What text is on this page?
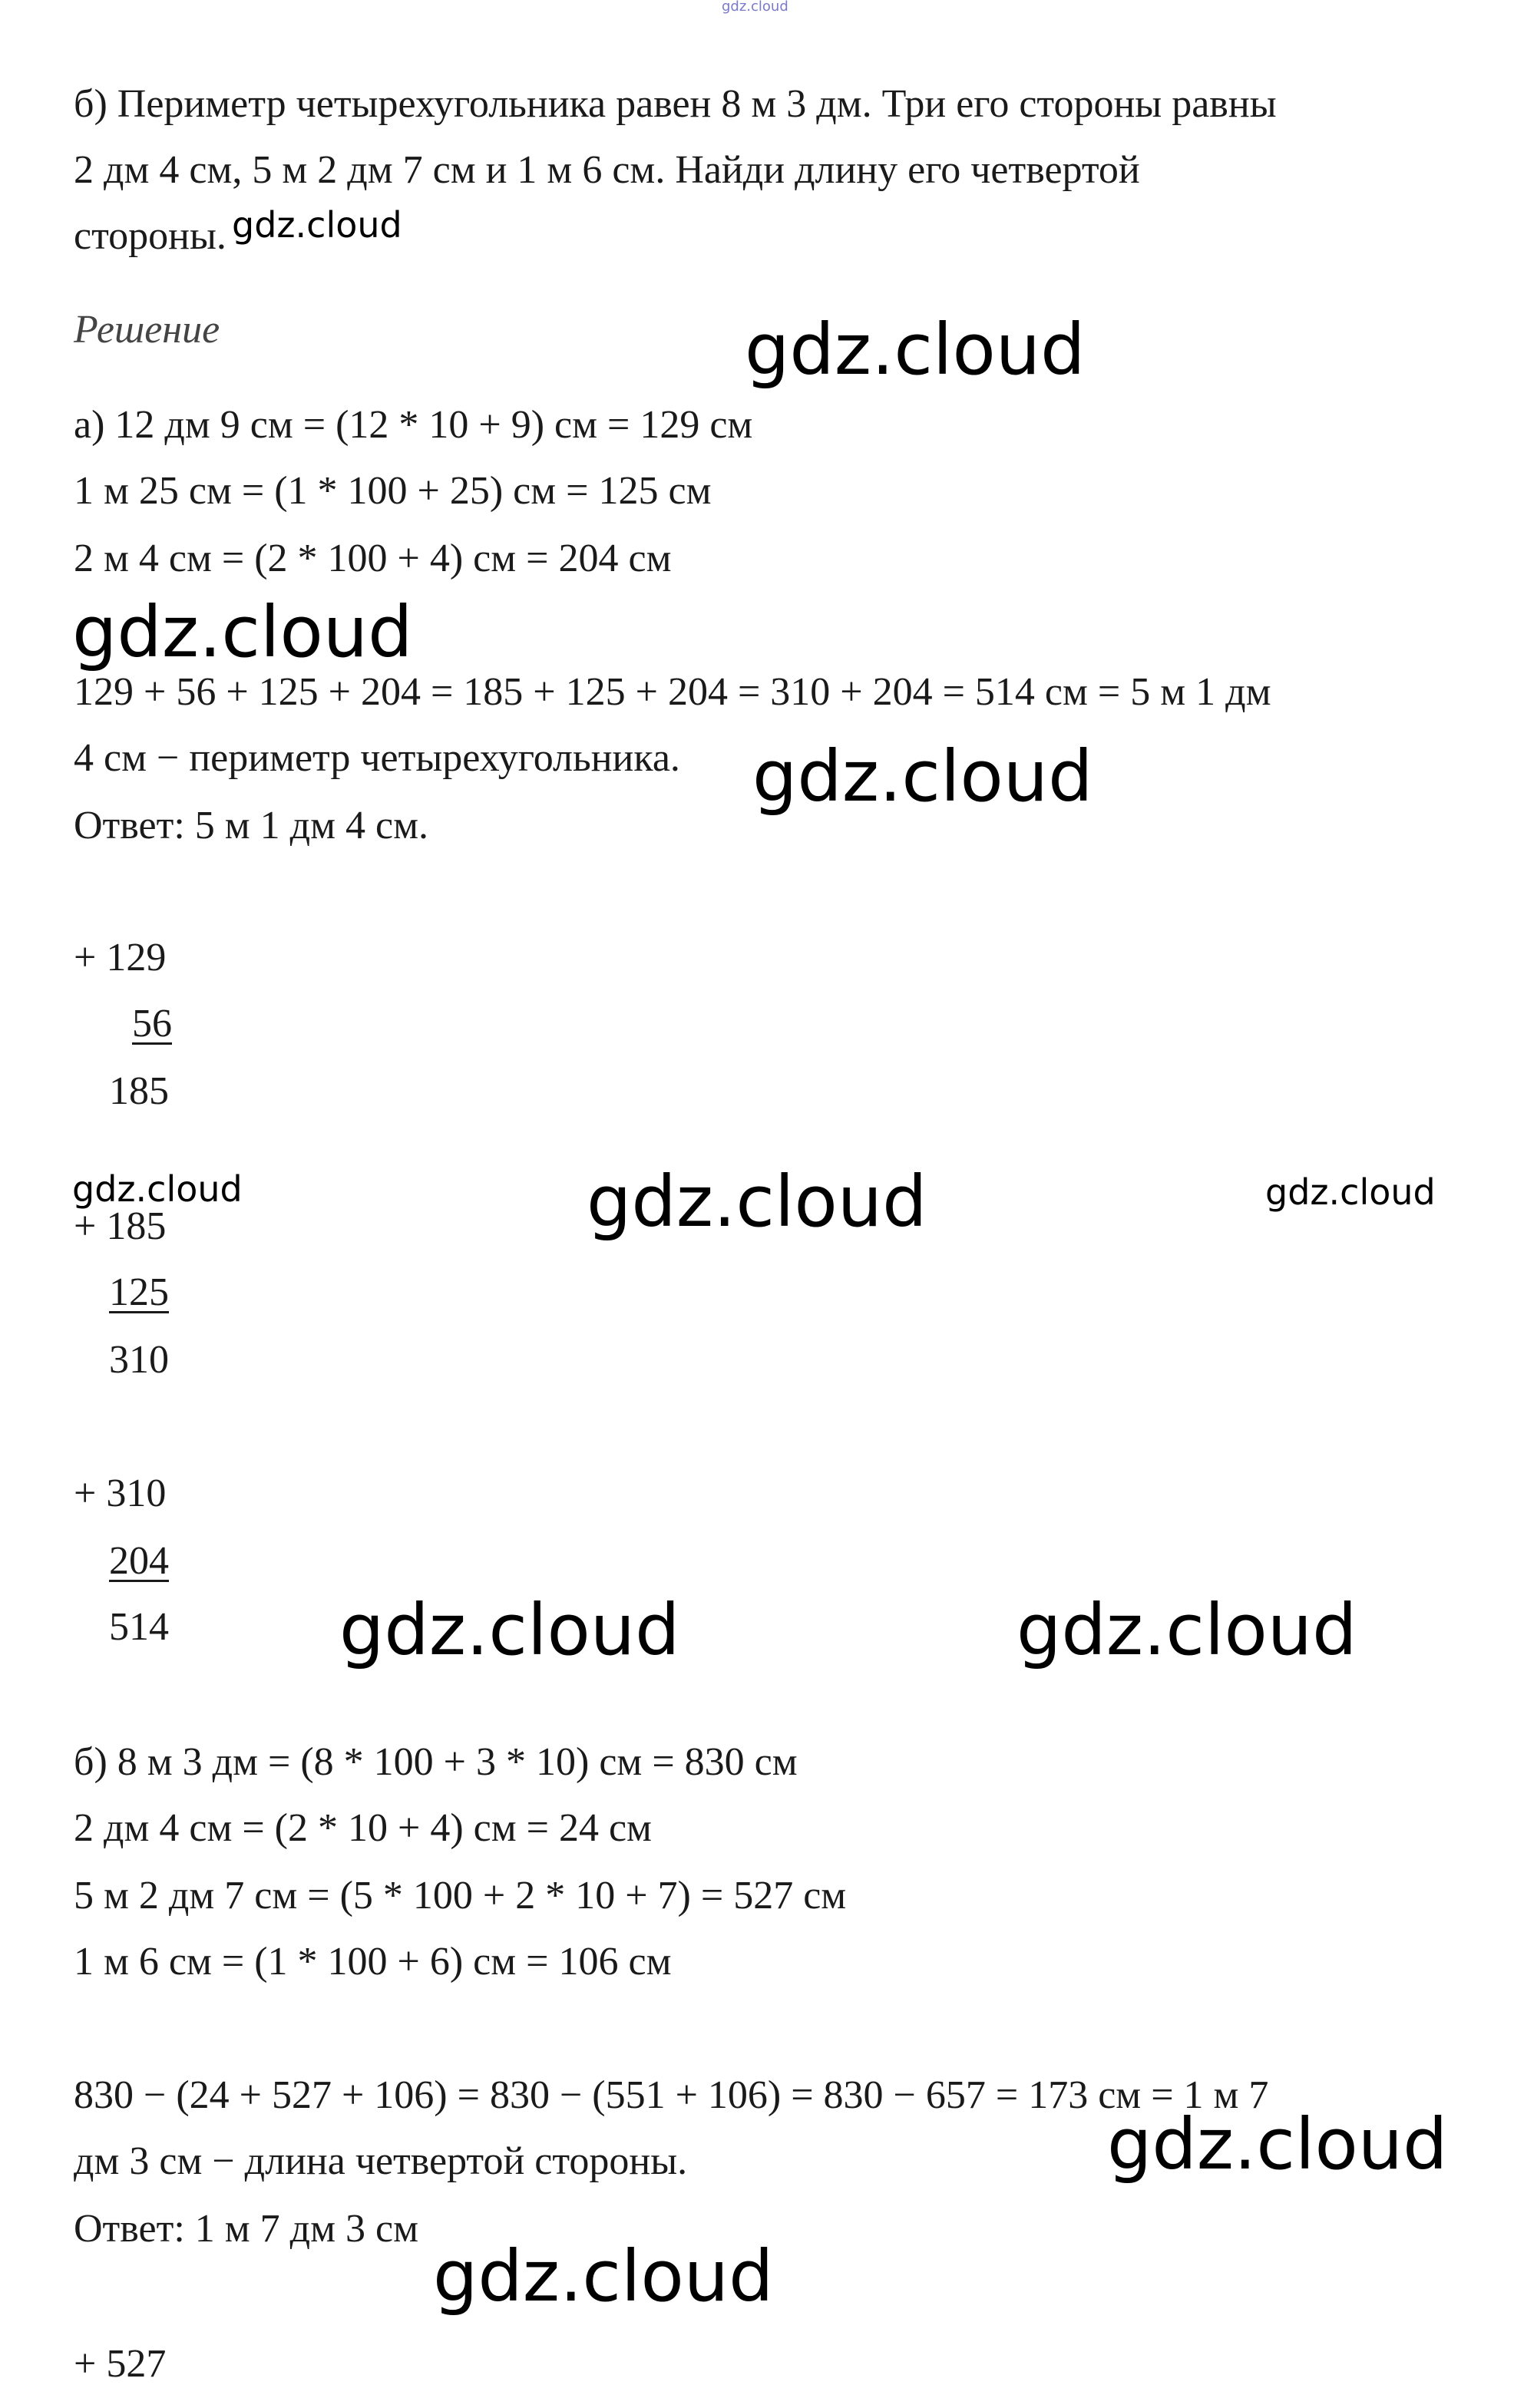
gdz.cloud
б) Периметр четырехугольника равен 8 м 3 дм. Три его стороны равны
2 дм 4 см, 5 м 2 дм 7 см и 1 м 6 см. Найди длину его четвертой
стороны. gdz.cloud
Решение	gdz.cloud
а) 12 дм 9 см = (12 * 10 + 9) см = 129 см
1 м 25 см = (1 * 100 + 25) см = 125 см
2 м 4 см = (2 * 100 + 4) см = 204 см
gdz.cloud
129 + 56 + 125 + 204 = 185 + 125 + 204 = 310 + 204 = 514 см = 5 м 1 дм
4 см − периметр четырехугольника. gdz.cloud
Ответ: 5 м 1 дм 4 см.
+ 129
56
185
gdz.cloud	gdz.cloud	gdz.cloud
+ 185
125
310
+ 310
204
514 gdz.cloud	gdz.cloud
б) 8 м 3 дм = (8 * 100 + 3 * 10) см = 830 см
2 дм 4 см = (2 * 10 + 4) см = 24 см
5 м 2 дм 7 см = (5 * 100 + 2 * 10 + 7) = 527 см
1 м 6 см = (1 * 100 + 6) см = 106 см
830 − (24 + 527 + 106) = 830 − (551 + 106) = 830 − 657 = 173 см = 1 м 7
gdz.cloud
дм 3 см − длина четвертой стороны.
Ответ: 1 м 7 дм 3 см
gdz.cloud
+ 527
